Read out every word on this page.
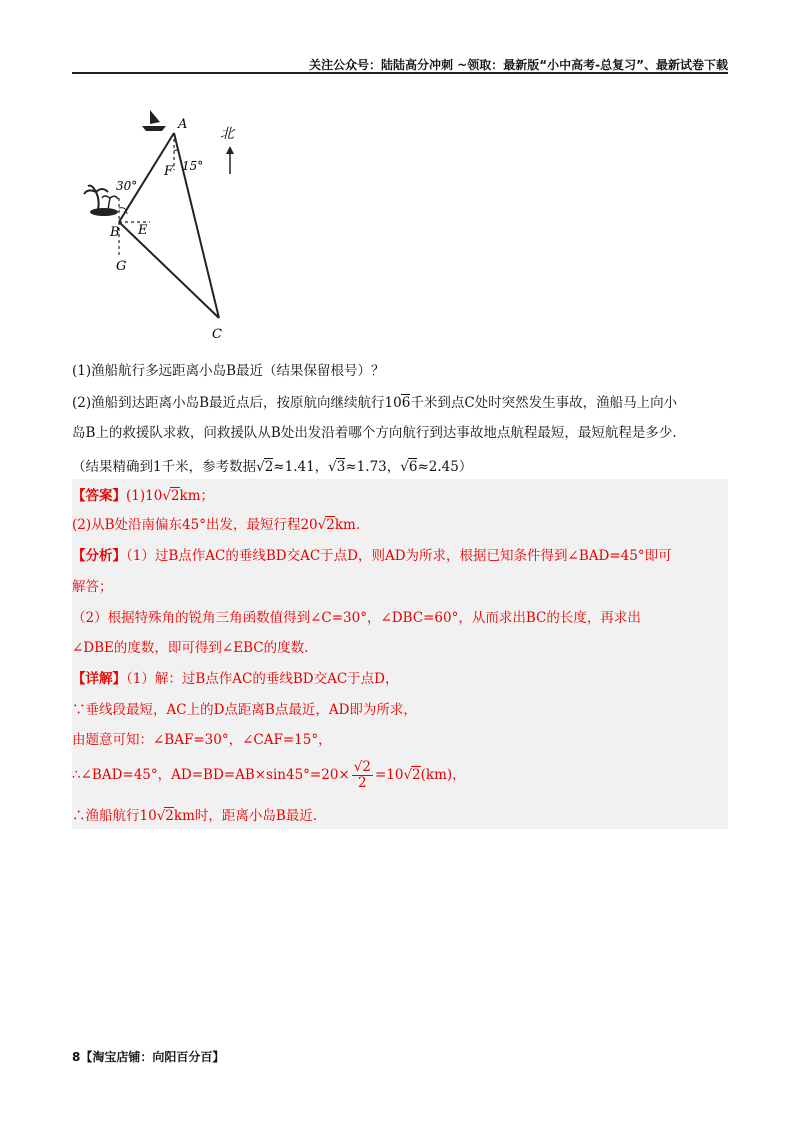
关注公众号：陆陆高分冲刺 ~领取：最新版“小中高考-总复习”、最新试卷下载
A
B
C
E
F
G
30°
15°
北
(1)渔船航行多远距离小岛B最近（结果保留根号）？
(2)渔船到达距离小岛B最近点后，按原航向继续航行106千米到点C处时突然发生事故，渔船马上向小
岛B上的救援队求救，问救援队从B处出发沿着哪个方向航行到达事故地点航程最短，最短航程是多少.
（结果精确到1千米，参考数据√2≈1.41，√3≈1.73，√6≈2.45）
【答案】(1)10√2km；
(2)从B处沿南偏东45°出发，最短行程20√2km.
【分析】（1）过B点作AC的垂线BD交AC于点D，则AD为所求，根据已知条件得到∠BAD=45°即可
解答；
（2）根据特殊角的锐角三角函数值得到∠C=30°，∠DBC=60°，从而求出BC的长度，再求出
∠DBE的度数，即可得到∠EBC的度数.
【详解】（1）解：过B点作AC的垂线BD交AC于点D，
∵垂线段最短，AC上的D点距离B点最近，AD即为所求，
由题意可知：∠BAF=30°，∠CAF=15°，
∴∠BAD=45°，$AD=BD=AB\times\sin 45^\circ=20\times \frac{√2}{2} =10√2(km)$，
∴渔船航行10√2km时，距离小岛B最近.
8【淘宝店铺：向阳百分百】
